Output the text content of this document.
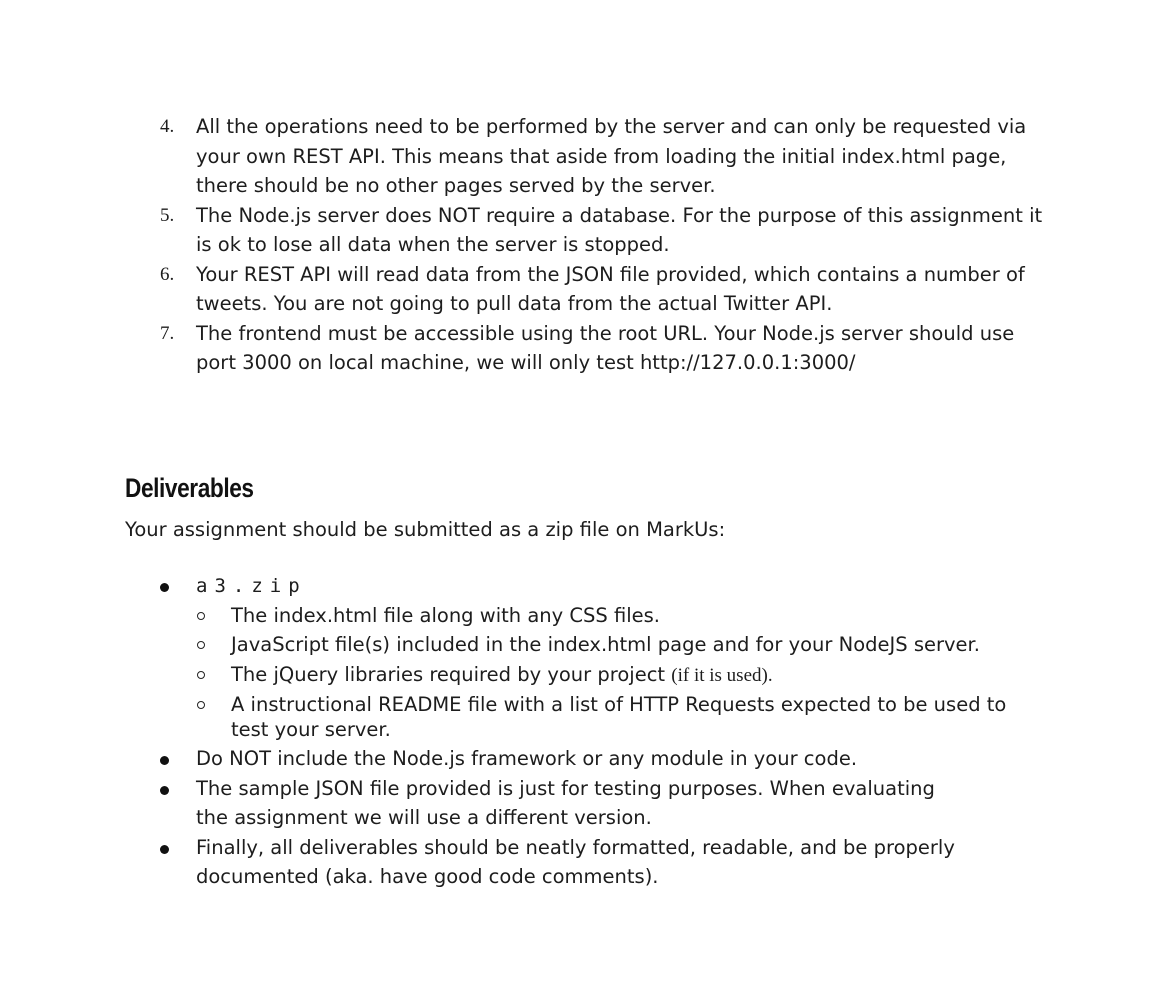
4.	All the operations need to be performed by the server and can only be requested via your own REST API. This means that aside from loading the initial index.html page, there should be no other pages served by the server.
5.	The Node.js server does NOT require a database. For the purpose of this assignment it is ok to lose all data when the server is stopped.
6.	Your REST API will read data from the JSON file provided, which contains a number of tweets. You are not going to pull data from the actual Twitter API.
7.	The frontend must be accessible using the root URL. Your Node.js server should use port 3000 on local machine, we will only test http://127.0.0.1:3000/
Deliverables
Your assignment should be submitted as a zip file on MarkUs:
a3.zip
The index.html file along with any CSS files.
JavaScript file(s) included in the index.html page and for your NodeJS server.
The jQuery libraries required by your project (if it is used).
A instructional README file with a list of HTTP Requests expected to be used to test your server.
Do NOT include the Node.js framework or any module in your code.
The sample JSON file provided is just for testing purposes. When evaluating the assignment we will use a different version.
Finally, all deliverables should be neatly formatted, readable, and be properly documented (aka. have good code comments).
